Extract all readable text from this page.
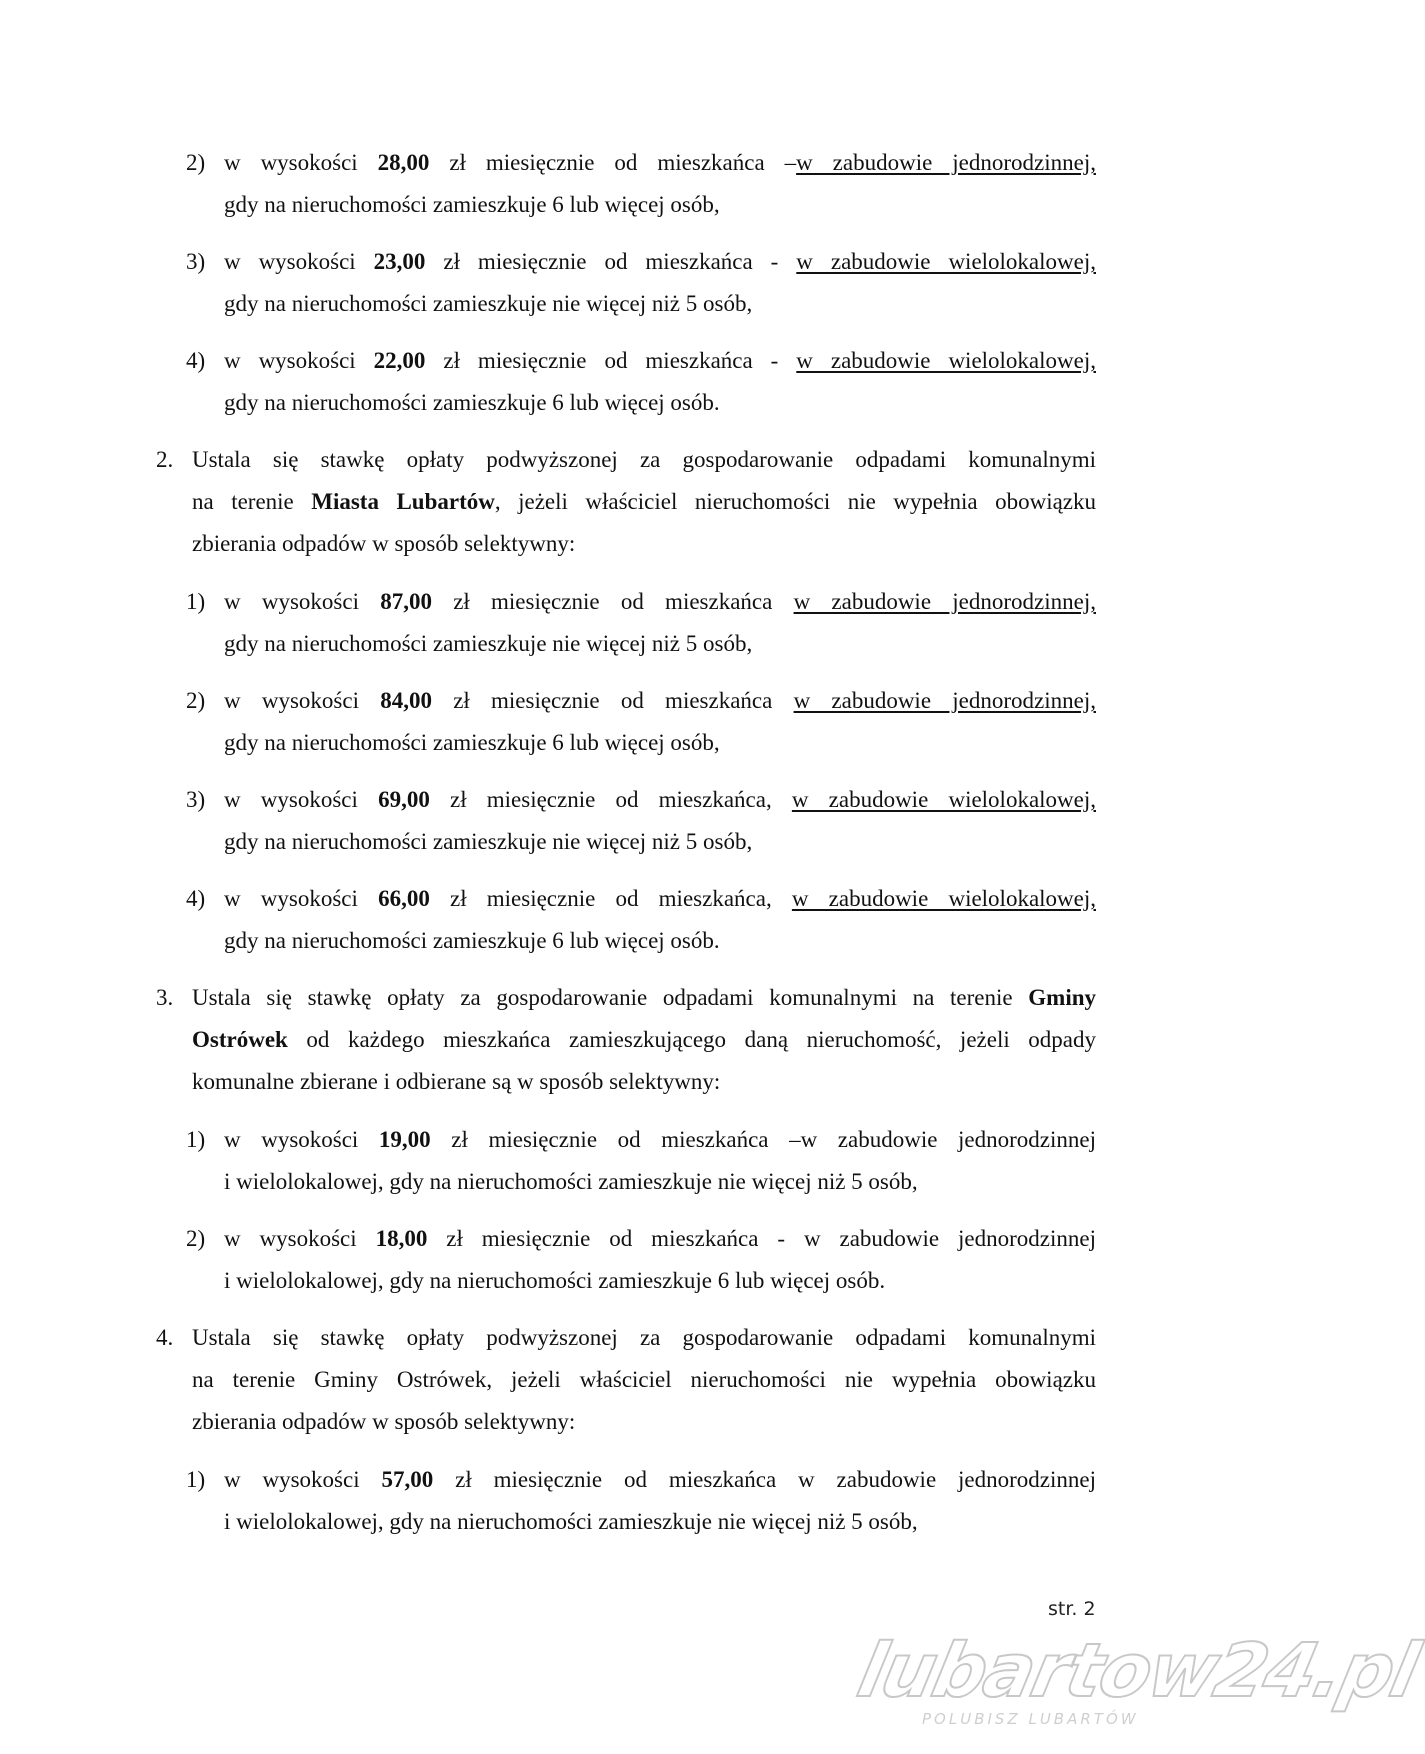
2) w wysokości 28,00 zł miesięcznie od mieszkańca –w zabudowie jednorodzinnej,
gdy na nieruchomości zamieszkuje 6 lub więcej osób,
3) w wysokości 23,00 zł miesięcznie od mieszkańca - w zabudowie wielolokalowej,
gdy na nieruchomości zamieszkuje nie więcej niż 5 osób,
4) w wysokości 22,00 zł miesięcznie od mieszkańca - w zabudowie wielolokalowej,
gdy na nieruchomości zamieszkuje 6 lub więcej osób.
2. Ustala się stawkę opłaty podwyższonej za gospodarowanie odpadami komunalnymi
na terenie Miasta Lubartów, jeżeli właściciel nieruchomości nie wypełnia obowiązku
zbierania odpadów w sposób selektywny:
1) w wysokości 87,00 zł miesięcznie od mieszkańca w zabudowie jednorodzinnej,
gdy na nieruchomości zamieszkuje nie więcej niż 5 osób,
2) w wysokości 84,00 zł miesięcznie od mieszkańca w zabudowie jednorodzinnej,
gdy na nieruchomości zamieszkuje 6 lub więcej osób,
3) w wysokości 69,00 zł miesięcznie od mieszkańca, w zabudowie wielolokalowej,
gdy na nieruchomości zamieszkuje nie więcej niż 5 osób,
4) w wysokości 66,00 zł miesięcznie od mieszkańca, w zabudowie wielolokalowej,
gdy na nieruchomości zamieszkuje 6 lub więcej osób.
3. Ustala się stawkę opłaty za gospodarowanie odpadami komunalnymi na terenie Gminy
Ostrówek od każdego mieszkańca zamieszkującego daną nieruchomość, jeżeli odpady
komunalne zbierane i odbierane są w sposób selektywny:
1) w wysokości 19,00 zł miesięcznie od mieszkańca –w zabudowie jednorodzinnej
i wielolokalowej, gdy na nieruchomości zamieszkuje nie więcej niż 5 osób,
2) w wysokości 18,00 zł miesięcznie od mieszkańca - w zabudowie jednorodzinnej
i wielolokalowej, gdy na nieruchomości zamieszkuje 6 lub więcej osób.
4. Ustala się stawkę opłaty podwyższonej za gospodarowanie odpadami komunalnymi
na terenie Gminy Ostrówek, jeżeli właściciel nieruchomości nie wypełnia obowiązku
zbierania odpadów w sposób selektywny:
1) w wysokości 57,00 zł miesięcznie od mieszkańca w zabudowie jednorodzinnej
i wielolokalowej, gdy na nieruchomości zamieszkuje nie więcej niż 5 osób,
str. 2
lubartow24.pl
POLUBISZ LUBARTÓW
